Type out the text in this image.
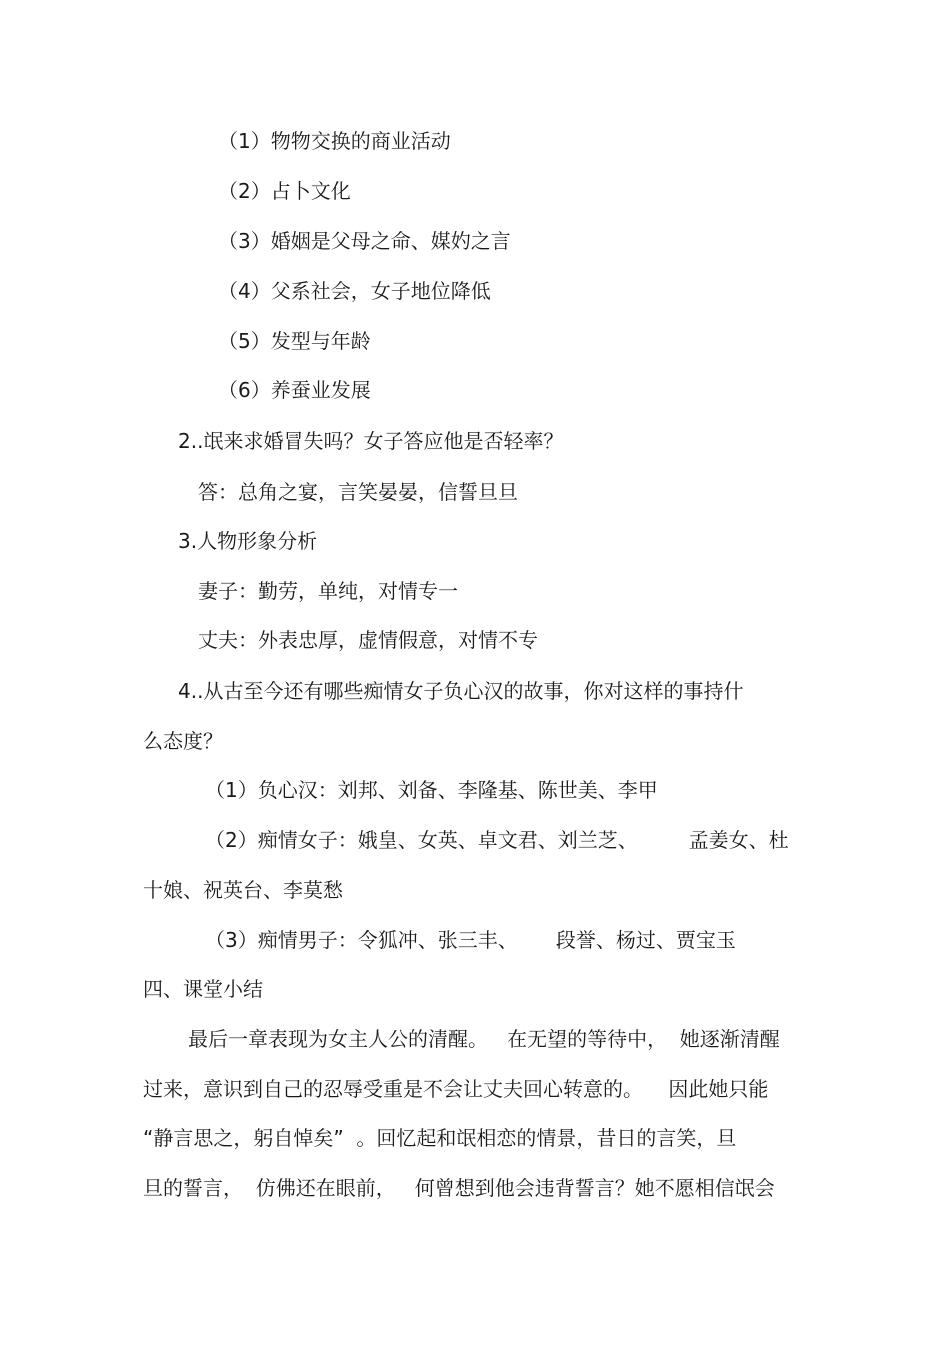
（1）物物交换的商业活动

（2）占卜文化

（3）婚姻是父母之命、媒妁之言

（4）父系社会，女子地位降低

（5）发型与年龄

（6）养蚕业发展

2..氓来求婚冒失吗？女子答应他是否轻率？

答：总角之宴，言笑晏晏，信誓旦旦

3.人物形象分析

妻子：勤劳，单纯，对情专一

丈夫：外表忠厚，虚情假意，对情不专

4..从古至今还有哪些痴情女子负心汉的故事，你对这样的事持什

么态度？

（1）负心汉：刘邦、刘备、李隆基、陈世美、李甲

（2）痴情女子：娥皇、女英、卓文君、刘兰芝、        孟姜女、杜

十娘、祝英台、李莫愁

（3）痴情男子：令狐冲、张三丰、      段誉、杨过、贾宝玉

四、课堂小结

最后一章表现为女主人公的清醒。   在无望的等待中，  她逐渐清醒

过来，意识到自己的忍辱受重是不会让丈夫回心转意的。    因此她只能

“静言思之，躬自悼矣”  。回忆起和氓相恋的情景，昔日的言笑，旦

旦的誓言，  仿佛还在眼前，   何曾想到他会违背誓言？她不愿相信氓会
